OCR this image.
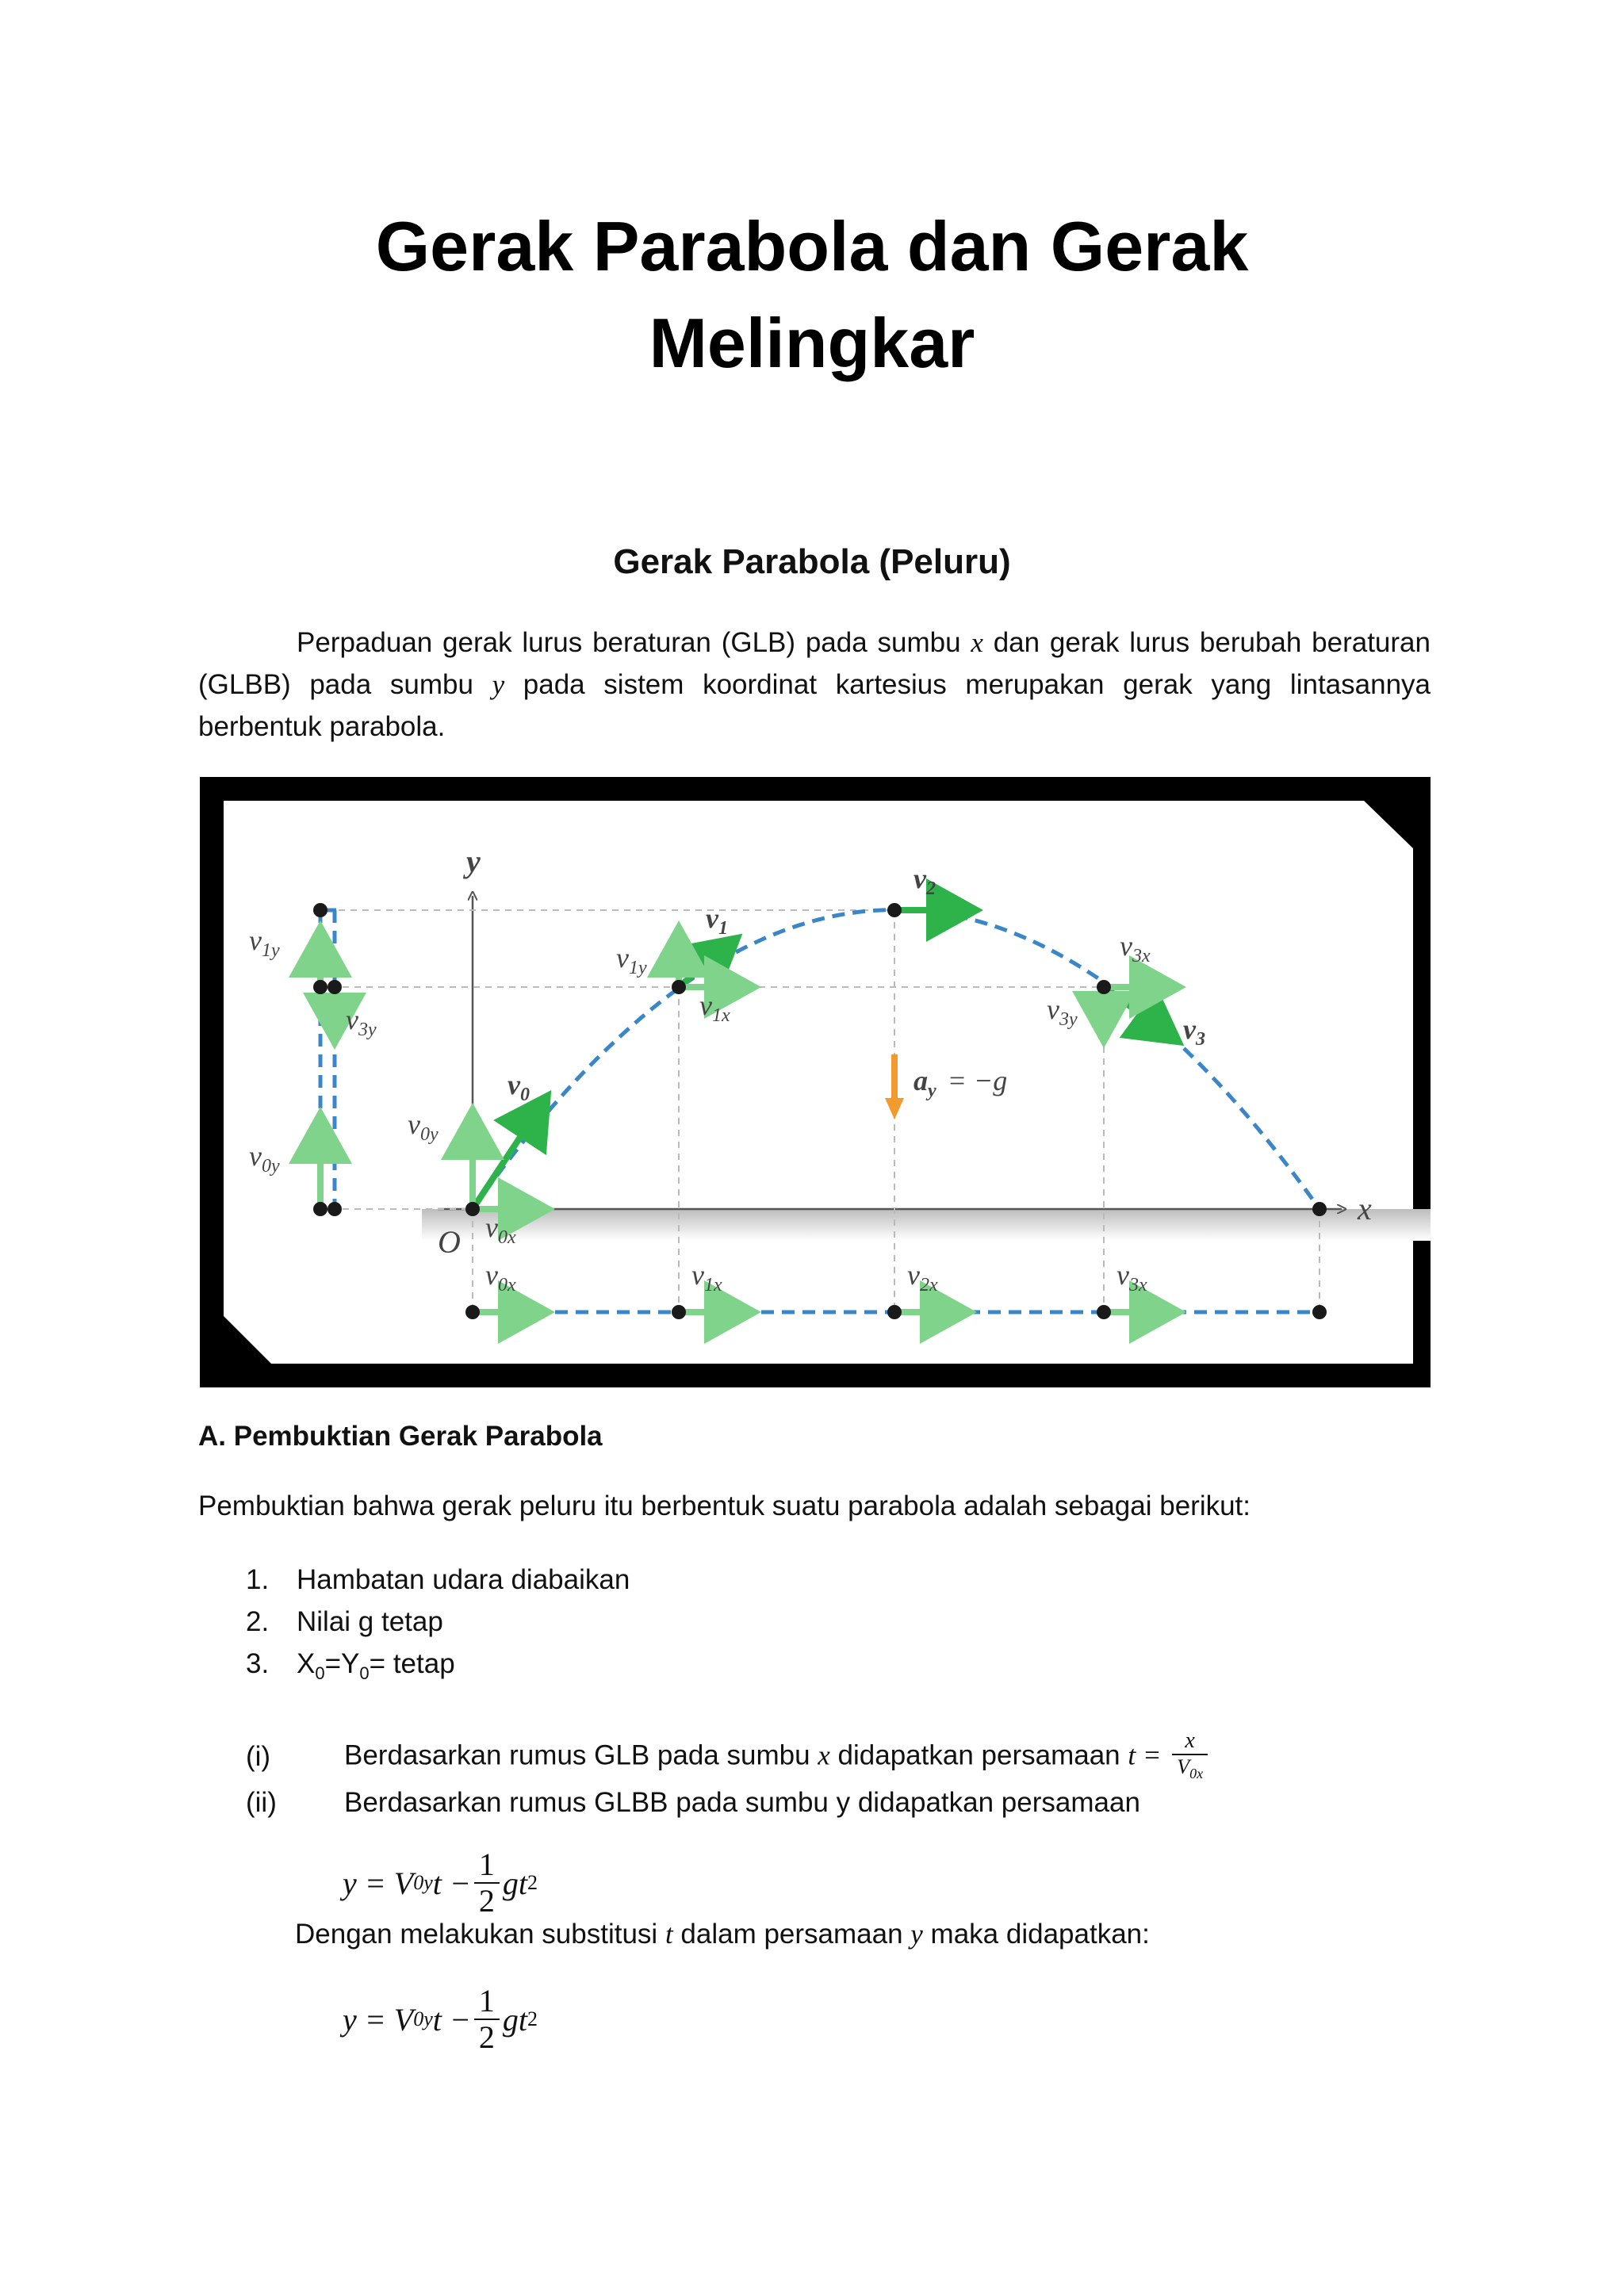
Gerak Parabola dan Gerak
Melingkar
Gerak Parabola (Peluru)
Perpaduan gerak lurus beraturan (GLB) pada sumbu x dan gerak lurus berubah beraturan (GLBB) pada sumbu y pada sistem koordinat kartesius merupakan gerak yang lintasannya berbentuk parabola.
y
x
O
$v_0$
$v_1$
$v_2$
$v_3$
$v_{0y}$
$v_{1y}$
$v_{3y}$
$v_{0x}$
$v_{1x}$
$v_{3x}$
$v_{0x}$	$v_{1x}$	$v_{2x}$	$v_{3x}$
$v_{1y}$
$v_{3y}$
$v_{0y}$
$a_y = -g$
A. Pembuktian Gerak Parabola
Pembuktian bahwa gerak peluru itu berbentuk suatu parabola adalah sebagai berikut:
1. Hambatan udara diabaikan
2. Nilai g tetap
3. $X_0=Y_0=$ tetap
(i)	Berdasarkan rumus GLB pada sumbu x didapatkan persamaan $t = \frac{x}{V_{0x}}$
(ii)	Berdasarkan rumus GLBB pada sumbu y didapatkan persamaan
y =
V 0y $t - \frac{1}{2}$ gt 2
Dengan melakukan substitusi t dalam persamaan y maka didapatkan:
y =
V 0y $t - \frac{1}{2}$ gt 2
